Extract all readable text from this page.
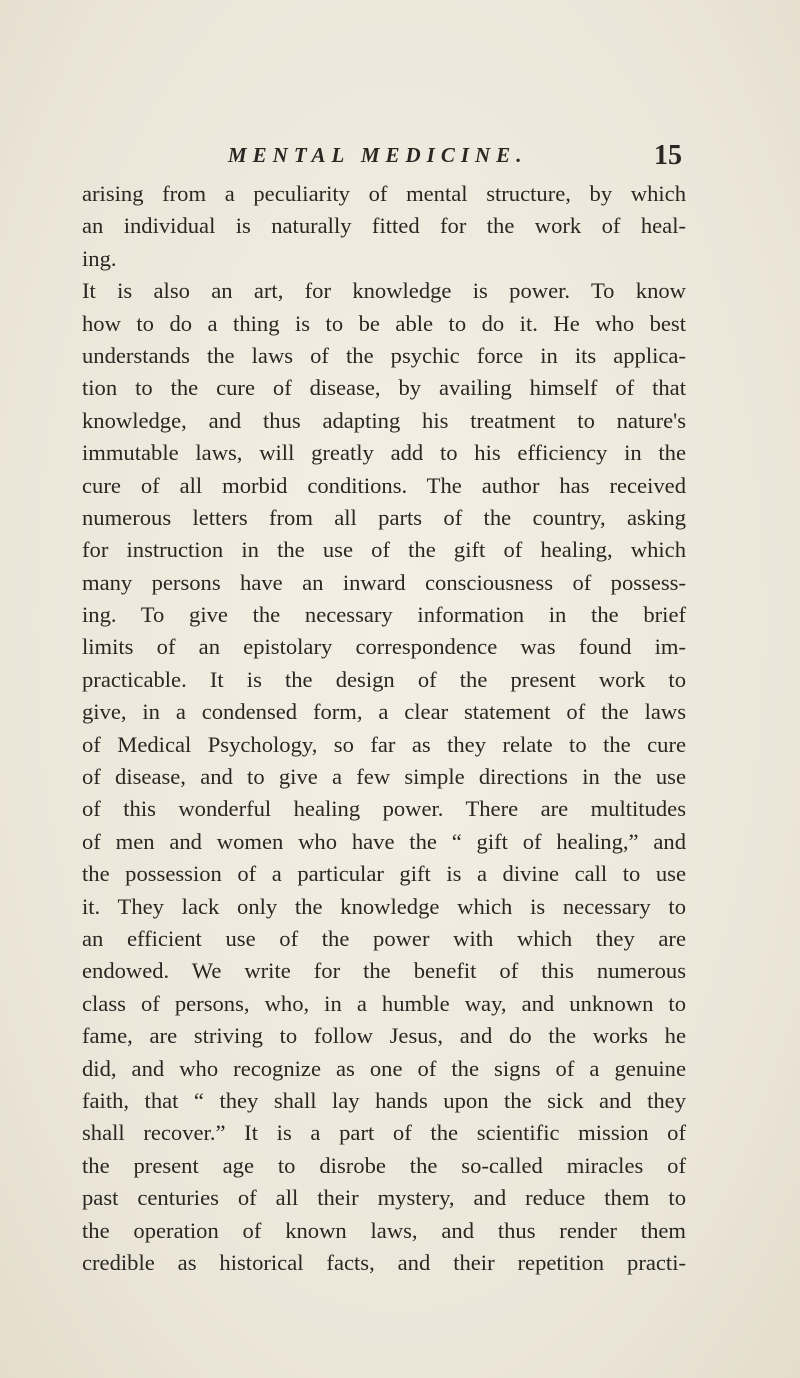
MENTAL MEDICINE.	15
arising from a peculiarity of mental structure, by which
an individual is naturally fitted for the work of heal-
ing.
It is also an art, for knowledge is power. To know
how to do a thing is to be able to do it. He who best
understands the laws of the psychic force in its applica-
tion to the cure of disease, by availing himself of that
knowledge, and thus adapting his treatment to nature's
immutable laws, will greatly add to his efficiency in the
cure of all morbid conditions. The author has received
numerous letters from all parts of the country, asking
for instruction in the use of the gift of healing, which
many persons have an inward consciousness of possess-
ing. To give the necessary information in the brief
limits of an epistolary correspondence was found im-
practicable. It is the design of the present work to
give, in a condensed form, a clear statement of the laws
of Medical Psychology, so far as they relate to the cure
of disease, and to give a few simple directions in the use
of this wonderful healing power. There are multitudes
of men and women who have the “ gift of healing,” and
the possession of a particular gift is a divine call to use
it. They lack only the knowledge which is necessary to
an efficient use of the power with which they are
endowed. We write for the benefit of this numerous
class of persons, who, in a humble way, and unknown to
fame, are striving to follow Jesus, and do the works he
did, and who recognize as one of the signs of a genuine
faith, that “ they shall lay hands upon the sick and they
shall recover.” It is a part of the scientific mission of
the present age to disrobe the so-called miracles of
past centuries of all their mystery, and reduce them to
the operation of known laws, and thus render them
credible as historical facts, and their repetition practi-
